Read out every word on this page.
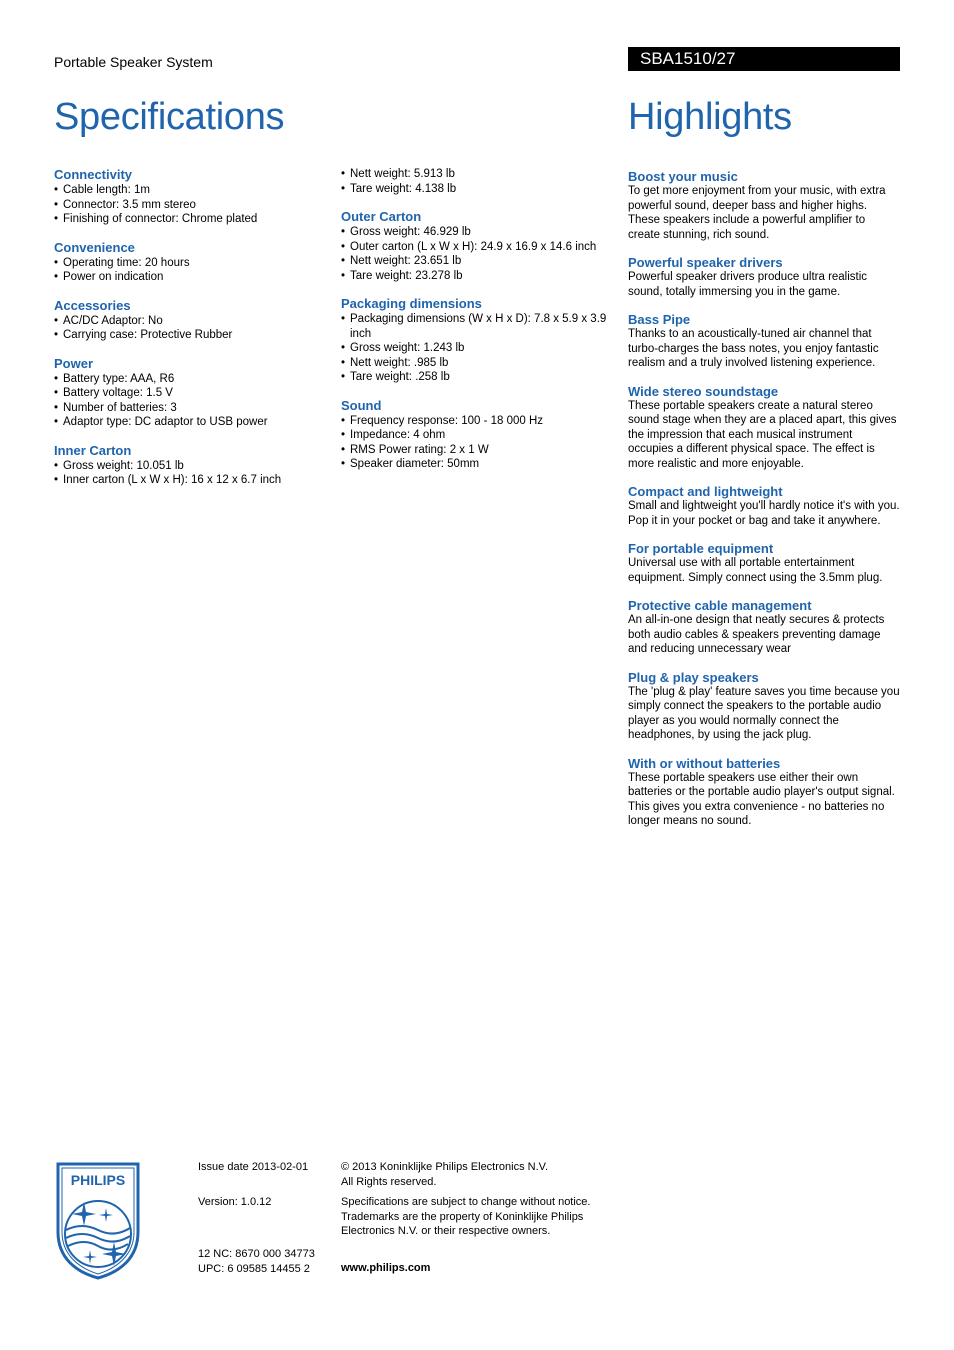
Portable Speaker System	SBA1510/27
Specifications	Highlights
Connectivity
• Cable length: 1m
• Connector: 3.5 mm stereo
• Finishing of connector: Chrome plated
Convenience
• Operating time: 20 hours
• Power on indication
Accessories
• AC/DC Adaptor: No
• Carrying case: Protective Rubber
Power
• Battery type: AAA, R6
• Battery voltage: 1.5 V
• Number of batteries: 3
• Adaptor type: DC adaptor to USB power
Inner Carton
• Gross weight: 10.051 lb
• Inner carton (L x W x H): 16 x 12 x 6.7 inch
• Nett weight: 5.913 lb
• Tare weight: 4.138 lb
Outer Carton
• Gross weight: 46.929 lb
• Outer carton (L x W x H): 24.9 x 16.9 x 14.6 inch
• Nett weight: 23.651 lb
• Tare weight: 23.278 lb
Packaging dimensions
• Packaging dimensions (W x H x D): 7.8 x 5.9 x 3.9 inch
• Gross weight: 1.243 lb
• Nett weight: .985 lb
• Tare weight: .258 lb
Sound
• Frequency response: 100 - 18 000 Hz
• Impedance: 4 ohm
• RMS Power rating: 2 x 1 W
• Speaker diameter: 50mm
Boost your music
To get more enjoyment from your music, with extra powerful sound, deeper bass and higher highs. These speakers include a powerful amplifier to create stunning, rich sound.
Powerful speaker drivers
Powerful speaker drivers produce ultra realistic sound, totally immersing you in the game.
Bass Pipe
Thanks to an acoustically-tuned air channel that turbo-charges the bass notes, you enjoy fantastic realism and a truly involved listening experience.
Wide stereo soundstage
These portable speakers create a natural stereo sound stage when they are a placed apart, this gives the impression that each musical instrument occupies a different physical space. The effect is more realistic and more enjoyable.
Compact and lightweight
Small and lightweight you'll hardly notice it's with you. Pop it in your pocket or bag and take it anywhere.
For portable equipment
Universal use with all portable entertainment equipment. Simply connect using the 3.5mm plug.
Protective cable management
An all-in-one design that neatly secures & protects both audio cables & speakers preventing damage and reducing unnecessary wear
Plug & play speakers
The 'plug & play' feature saves you time because you simply connect the speakers to the portable audio player as you would normally connect the headphones, by using the jack plug.
With or without batteries
These portable speakers use either their own batteries or the portable audio player's output signal. This gives you extra convenience - no batteries no longer means no sound.
PHILIPS
Issue date 2013-02-01
Version: 1.0.12
12 NC: 8670 000 34773
UPC: 6 09585 14455 2
© 2013 Koninklijke Philips Electronics N.V.
All Rights reserved.
Specifications are subject to change without notice.
Trademarks are the property of Koninklijke Philips
Electronics N.V. or their respective owners.
www.philips.com
